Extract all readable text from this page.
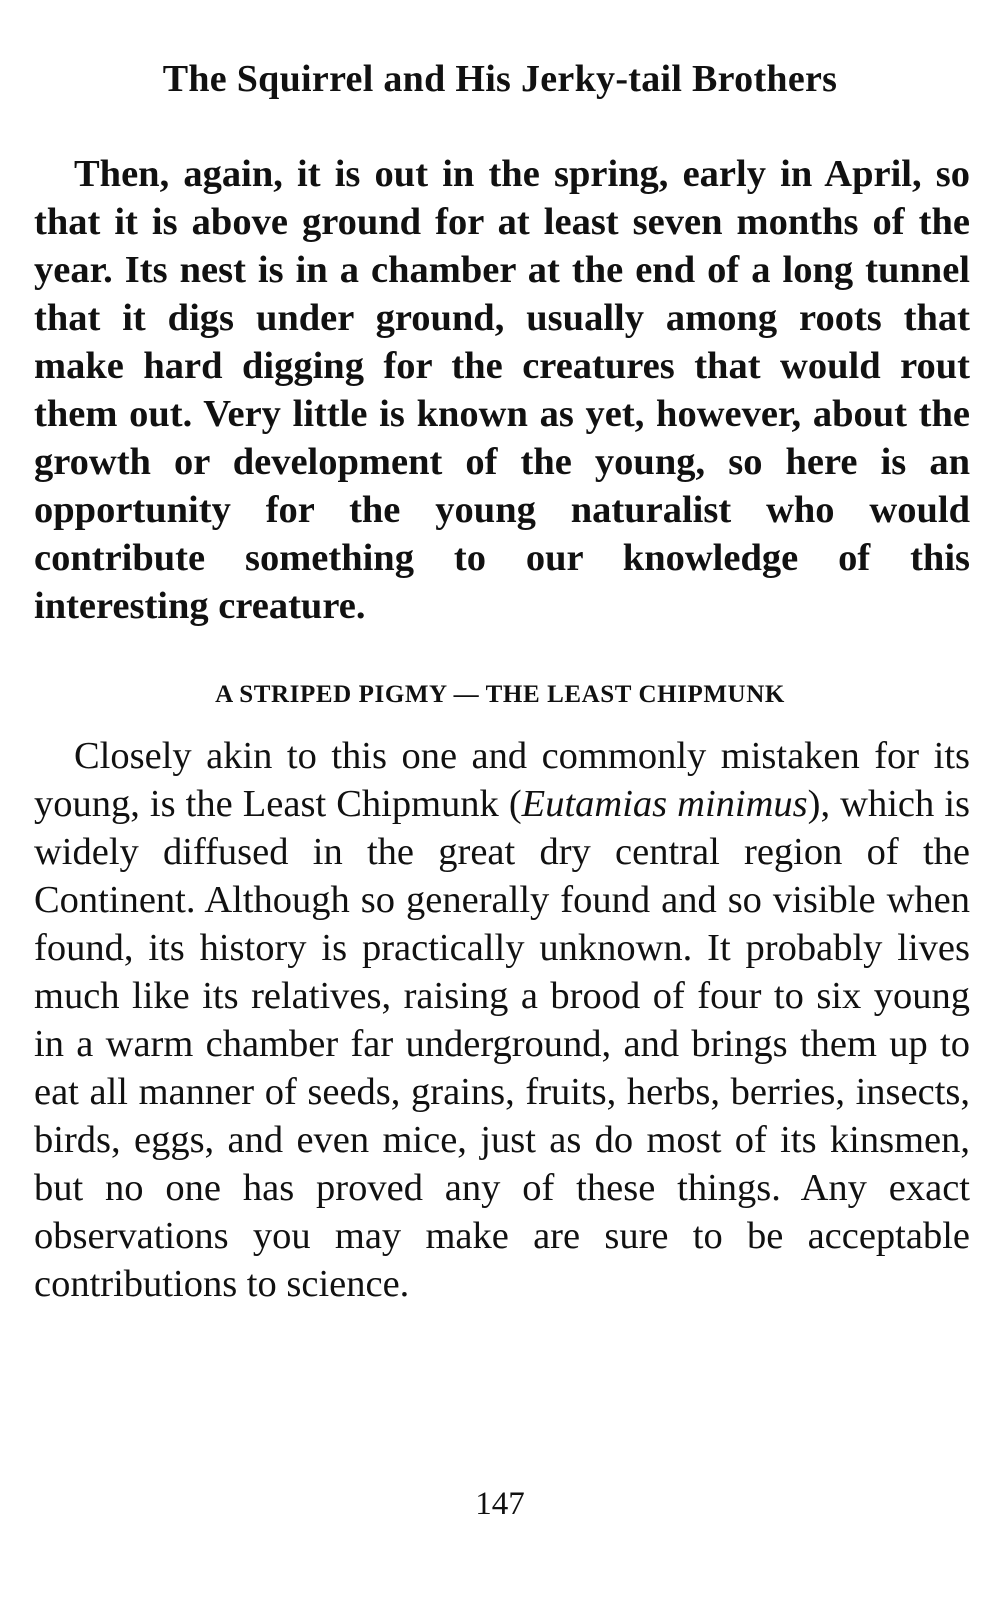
The Squirrel and His Jerky-tail Brothers

Then, again, it is out in the spring, early in April, so that it is above ground for at least seven months of the year. Its nest is in a chamber at the end of a long tunnel that it digs under ground, usually among roots that make hard digging for the creatures that would rout them out. Very little is known as yet, however, about the growth or development of the young, so here is an opportunity for the young naturalist who would contribute something to our knowledge of this interesting creature.

A STRIPED PIGMY — THE LEAST CHIPMUNK

Closely akin to this one and commonly mistaken for its young, is the Least Chipmunk (Eutamias minimus), which is widely diffused in the great dry central region of the Continent. Although so generally found and so visible when found, its history is practically unknown. It probably lives much like its relatives, raising a brood of four to six young in a warm chamber far underground, and brings them up to eat all manner of seeds, grains, fruits, herbs, berries, insects, birds, eggs, and even mice, just as do most of its kinsmen, but no one has proved any of these things. Any exact observations you may make are sure to be acceptable contributions to science.

147
